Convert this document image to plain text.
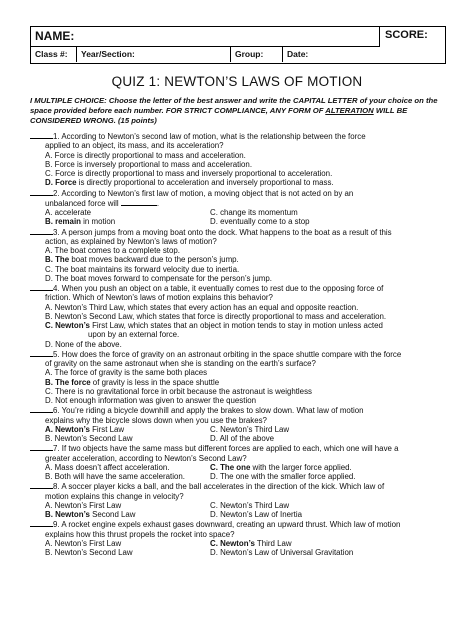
NAME:	SCORE:
Class #:	Year/Section:	Group:	Date:
QUIZ 1: NEWTON’S LAWS OF MOTION
I MULTIPLE CHOICE: Choose the letter of the best answer and write the CAPITAL LETTER of your choice on the space provided before each number. FOR STRICT COMPLIANCE, ANY FORM OF ALTERATION WILL BE CONSIDERED WRONG. (15 points)
1. According to Newton’s second law of motion, what is the relationship between the force
applied to an object, its mass, and its acceleration?
A. Force is directly proportional to mass and acceleration.
B. Force is inversely proportional to mass and acceleration.
C. Force is directly proportional to mass and inversely proportional to acceleration.
D. Force is directly proportional to acceleration and inversely proportional to mass.
2. According to Newton’s first law of motion, a moving object that is not acted on by an
unbalanced force will	.
A. accelerate	C. change its momentum
B. remain in motion	D. eventually come to a stop
3. A person jumps from a moving boat onto the dock. What happens to the boat as a result of this
action, as explained by Newton’s laws of motion?
A. The boat comes to a complete stop.
B. The boat moves backward due to the person’s jump.
C. The boat maintains its forward velocity due to inertia.
D. The boat moves forward to compensate for the person’s jump.
4. When you push an object on a table, it eventually comes to rest due to the opposing force of
friction. Which of Newton’s laws of motion explains this behavior?
A. Newton’s Third Law, which states that every action has an equal and opposite reaction.
B. Newton’s Second Law, which states that force is directly proportional to mass and acceleration.
C. Newton’s First Law, which states that an object in motion tends to stay in motion unless acted
upon by an external force.
D. None of the above.
5. How does the force of gravity on an astronaut orbiting in the space shuttle compare with the force
of gravity on the same astronaut when she is standing on the earth’s surface?
A. The force of gravity is the same both places
B. The force of gravity is less in the space shuttle
C. There is no gravitational force in orbit because the astronaut is weightless
D. Not enough information was given to answer the question
6. You’re riding a bicycle downhill and apply the brakes to slow down. What law of motion
explains why the bicycle slows down when you use the brakes?
A. Newton’s First Law	C. Newton’s Third Law
B. Newton’s Second Law	D. All of the above
7. If two objects have the same mass but different forces are applied to each, which one will have a
greater acceleration, according to Newton’s Second Law?
A. Mass doesn’t affect acceleration.	C. The one with the larger force applied.
B. Both will have the same acceleration.	D. The one with the smaller force applied.
8. A soccer player kicks a ball, and the ball accelerates in the direction of the kick. Which law of
motion explains this change in velocity?
A. Newton’s First Law	C. Newton’s Third Law
B. Newton’s Second Law	D. Newton’s Law of Inertia
9. A rocket engine expels exhaust gases downward, creating an upward thrust. Which law of motion
explains how this thrust propels the rocket into space?
A. Newton’s First Law	C. Newton’s Third Law
B. Newton’s Second Law	D. Newton’s Law of Universal Gravitation
